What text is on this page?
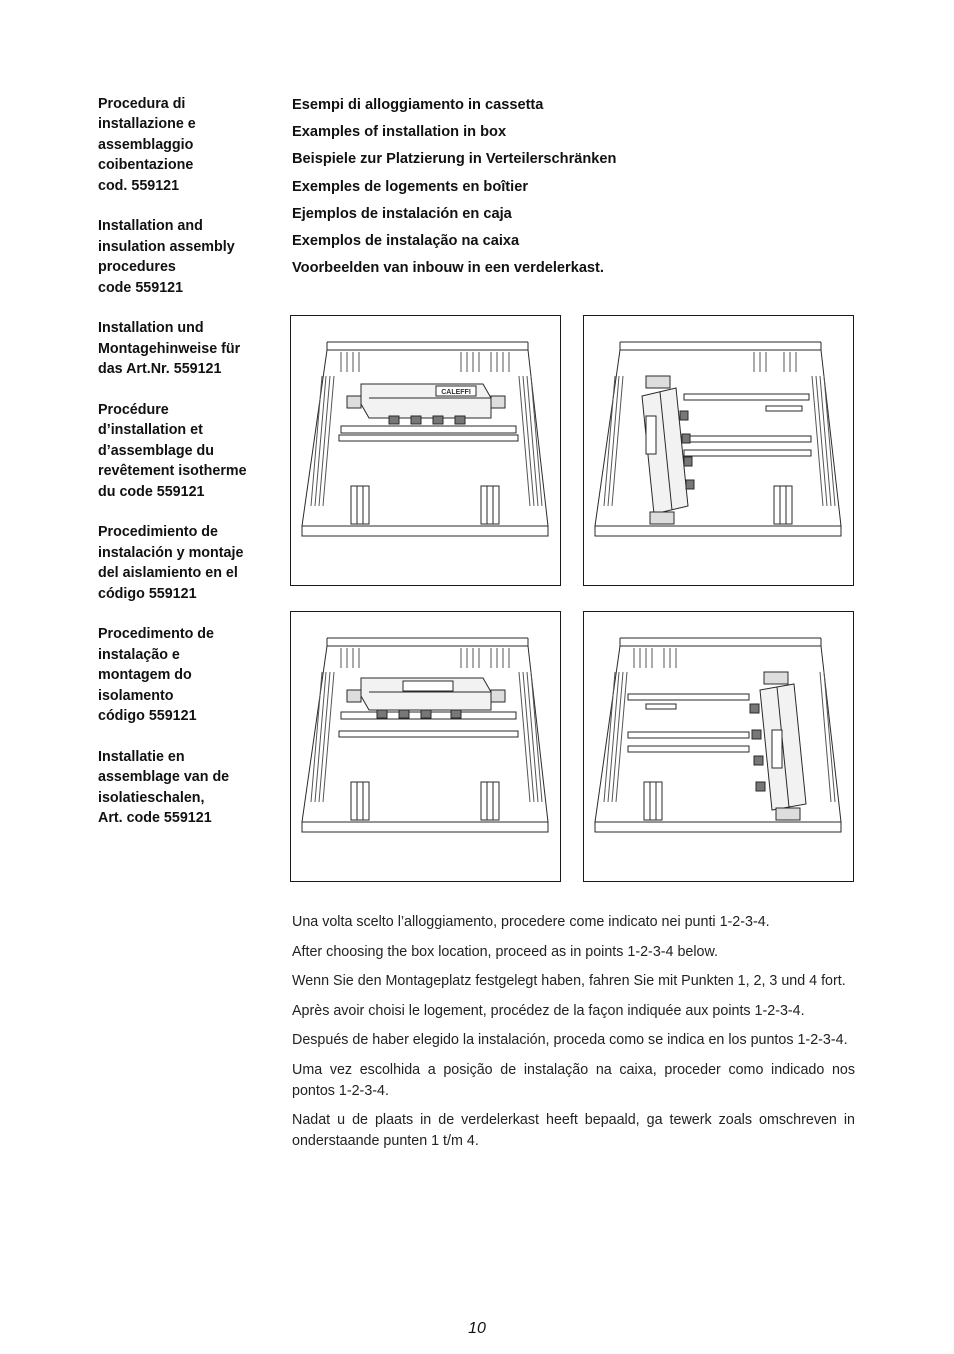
Procedura di
installazione e
assemblaggio
coibentazione
cod. 559121
Installation and
insulation assembly
procedures
code 559121
Installation und
Montagehinweise für
das Art.Nr. 559121
Procédure
d’installation et
d’assemblage du
revêtement isotherme
du code 559121
Procedimiento de
instalación y montaje
del aislamiento en el
código 559121
Procedimento de
instalação e
montagem do
isolamento
código 559121
Installatie en
assemblage van de
isolatieschalen,
Art. code 559121
Esempi di alloggiamento in cassetta
Examples of installation in box
Beispiele zur Platzierung in Verteilerschränken
Exemples de logements en boîtier
Ejemplos de instalación en caja
Exemplos de instalação na caixa
Voorbeelden van inbouw in een verdelerkast.
CALEFFI

Una volta scelto l’alloggiamento, procedere come indicato nei punti 1-2-3-4.

After choosing the box location, proceed as in points 1-2-3-4 below.

Wenn Sie den Montageplatz festgelegt haben, fahren Sie mit Punkten 1, 2, 3 und 4 fort.

Après avoir choisi le logement, procédez de la façon indiquée aux points 1-2-3-4.

Después de haber elegido la instalación, proceda como se indica en los puntos 1-2-3-4.

Uma vez escolhida a posição de instalação na caixa, proceder como indicado nos pontos 1-2-3-4.

Nadat u de plaats in de verdelerkast heeft bepaald, ga tewerk zoals omschreven in onderstaande punten 1 t/m 4.

10
